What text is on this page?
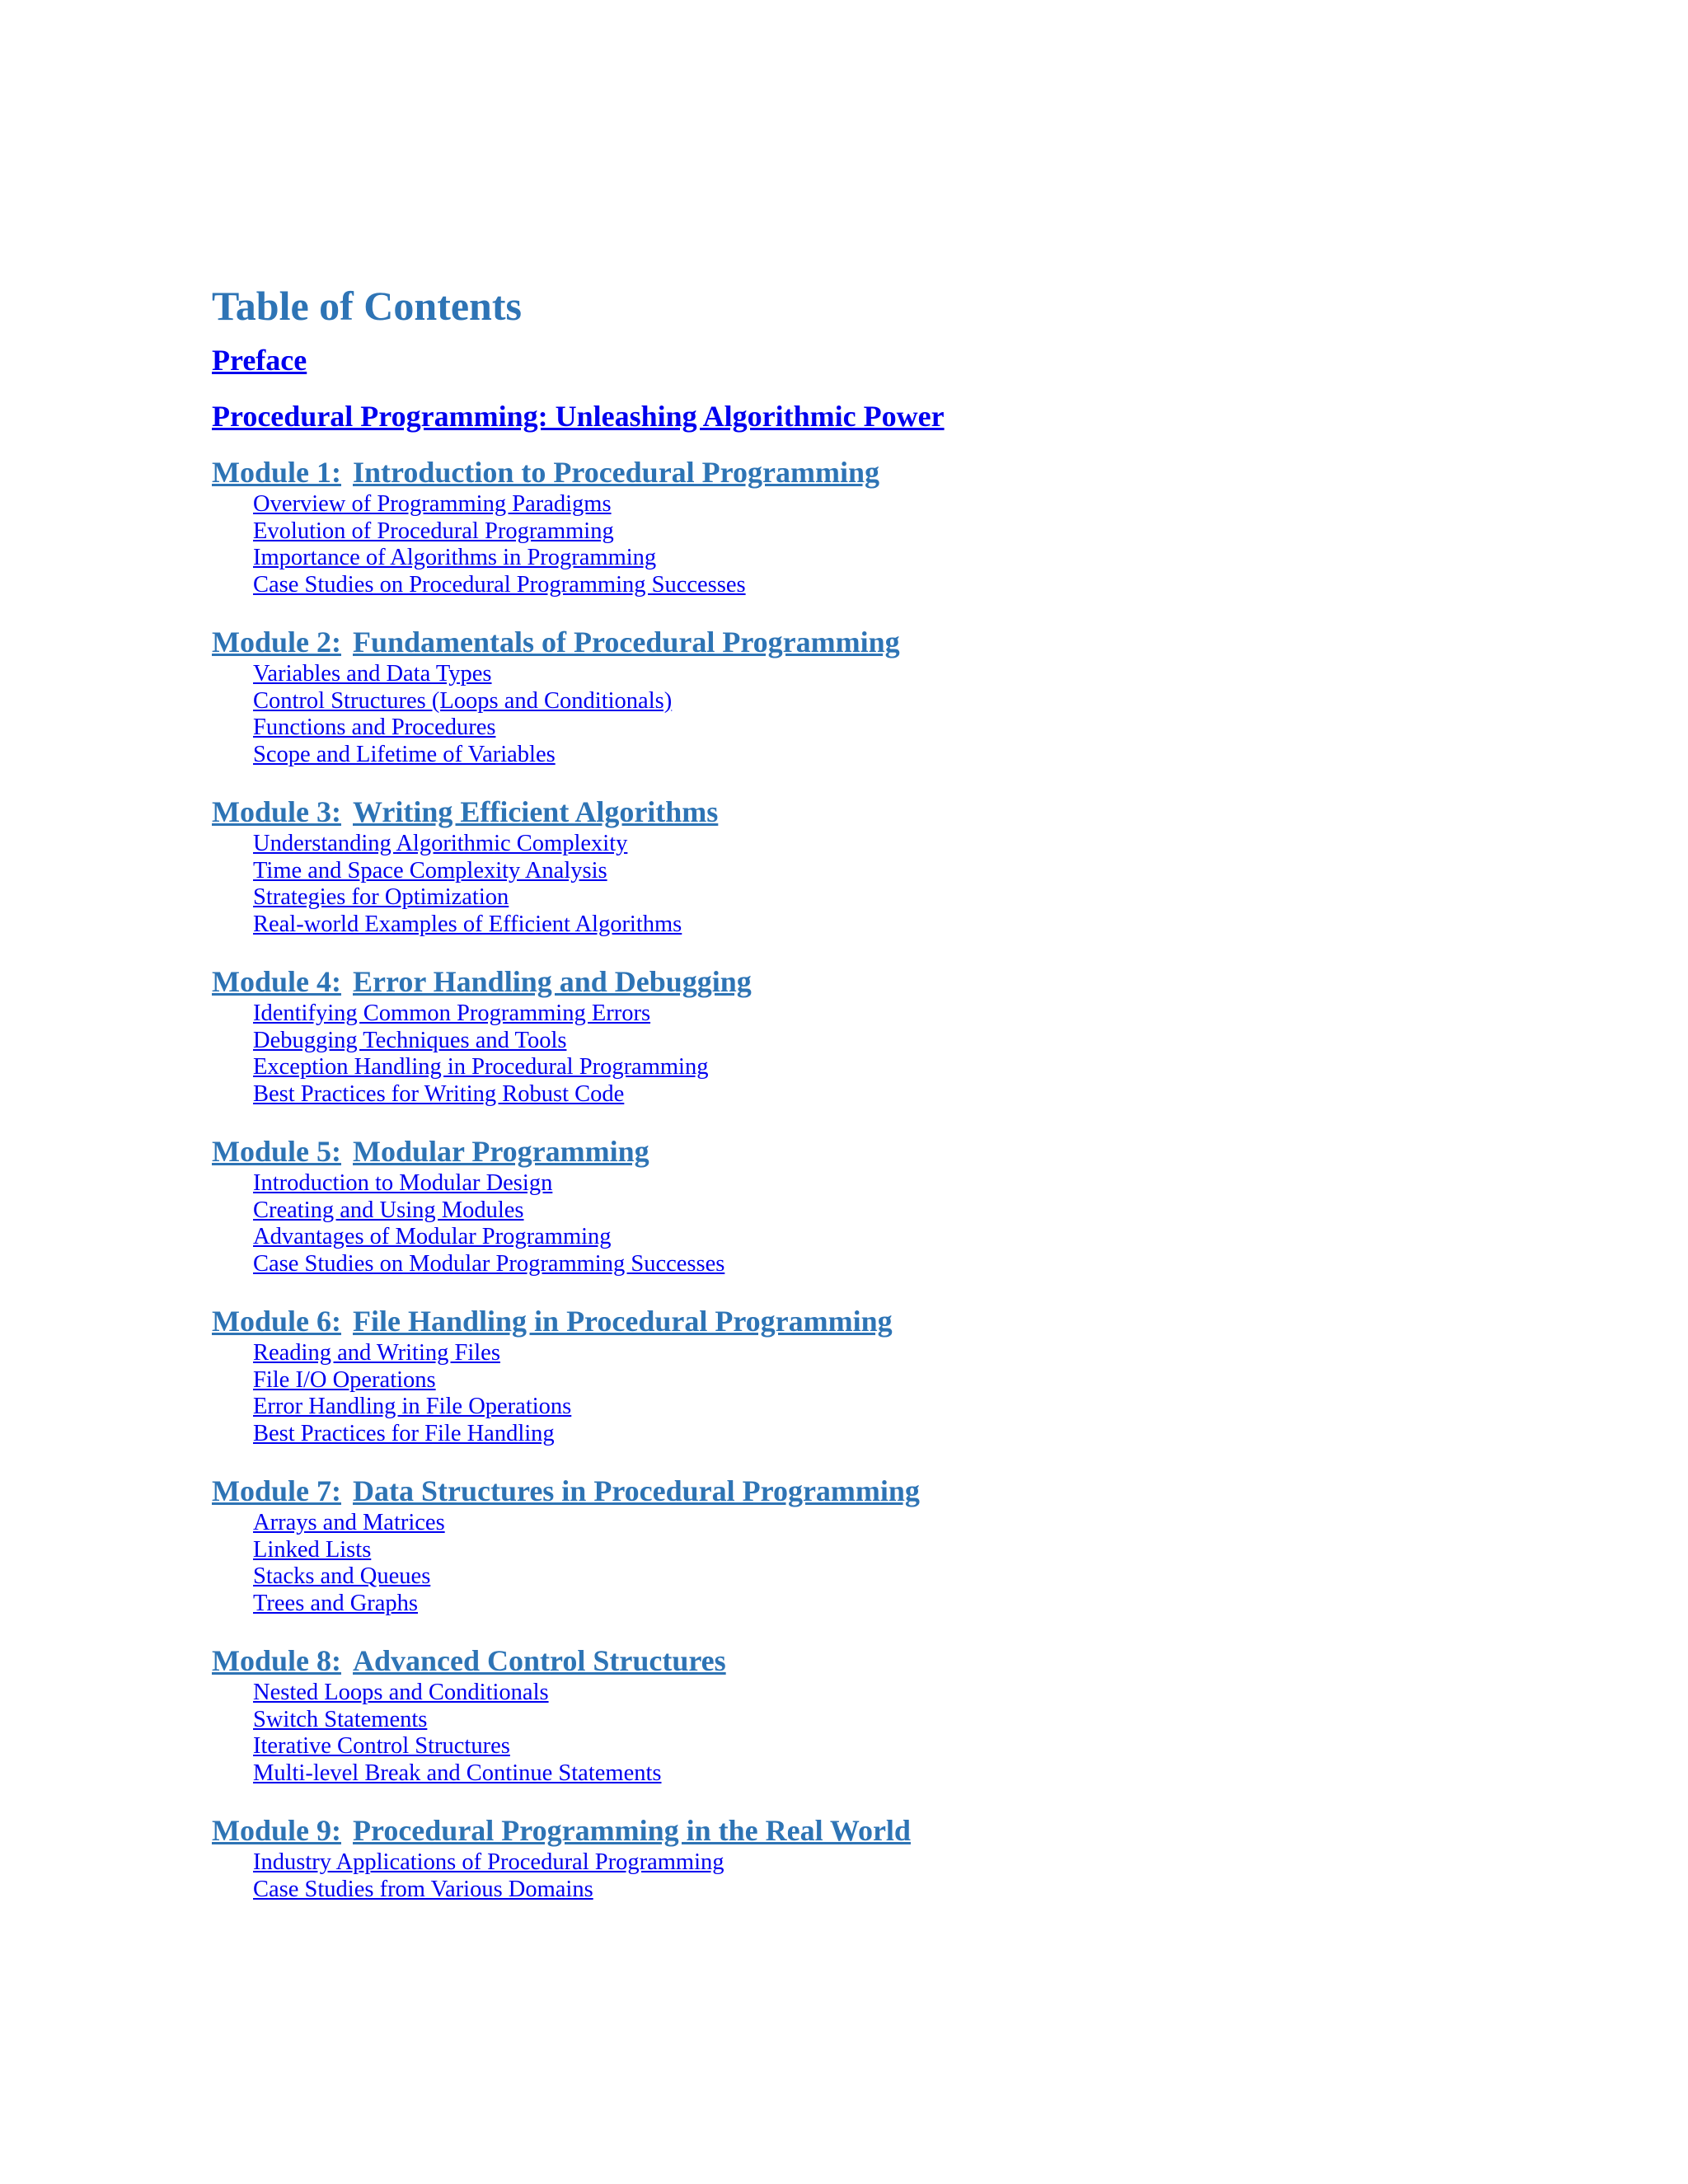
Table of Contents
Preface
Procedural Programming: Unleashing Algorithmic Power
Module 1: Introduction to Procedural Programming
Overview of Programming Paradigms
Evolution of Procedural Programming
Importance of Algorithms in Programming
Case Studies on Procedural Programming Successes
Module 2: Fundamentals of Procedural Programming
Variables and Data Types
Control Structures (Loops and Conditionals)
Functions and Procedures
Scope and Lifetime of Variables
Module 3: Writing Efficient Algorithms
Understanding Algorithmic Complexity
Time and Space Complexity Analysis
Strategies for Optimization
Real-world Examples of Efficient Algorithms
Module 4: Error Handling and Debugging
Identifying Common Programming Errors
Debugging Techniques and Tools
Exception Handling in Procedural Programming
Best Practices for Writing Robust Code
Module 5: Modular Programming
Introduction to Modular Design
Creating and Using Modules
Advantages of Modular Programming
Case Studies on Modular Programming Successes
Module 6: File Handling in Procedural Programming
Reading and Writing Files
File I/O Operations
Error Handling in File Operations
Best Practices for File Handling
Module 7: Data Structures in Procedural Programming
Arrays and Matrices
Linked Lists
Stacks and Queues
Trees and Graphs
Module 8: Advanced Control Structures
Nested Loops and Conditionals
Switch Statements
Iterative Control Structures
Multi-level Break and Continue Statements
Module 9: Procedural Programming in the Real World
Industry Applications of Procedural Programming
Case Studies from Various Domains
